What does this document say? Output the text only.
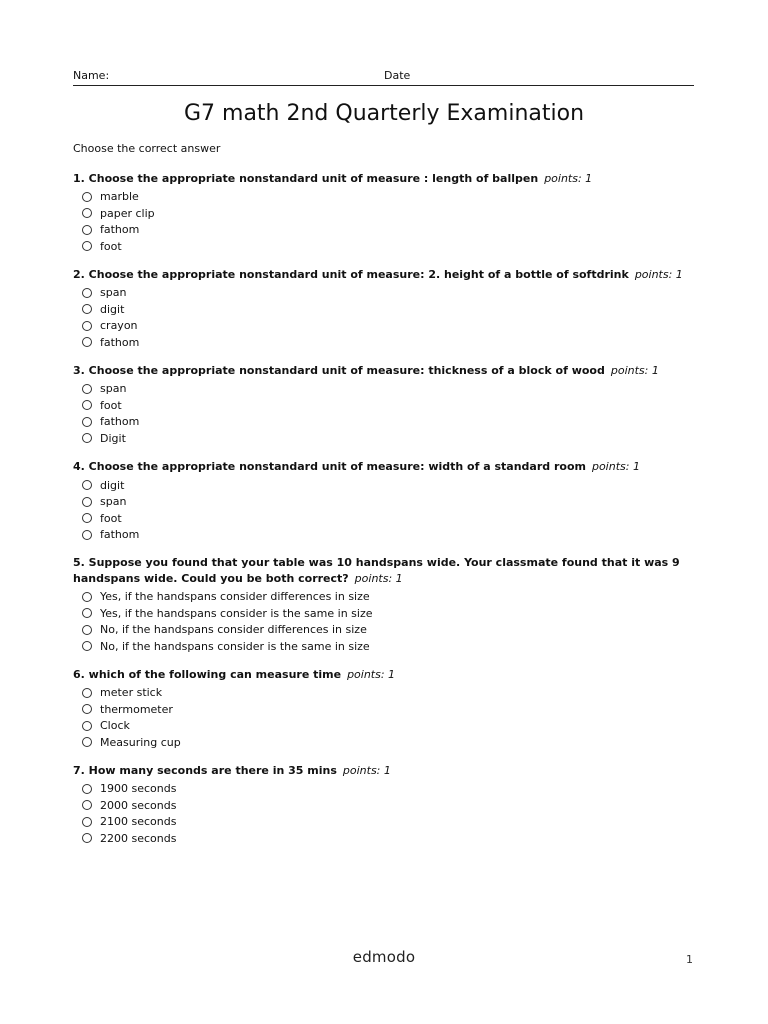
Name:	Date
G7 math 2nd Quarterly Examination
Choose the correct answer
1. Choose the appropriate nonstandard unit of measure : length of ballpen points: 1
marble
paper clip
fathom
foot
2. Choose the appropriate nonstandard unit of measure: 2. height of a bottle of softdrink points: 1
span
digit
crayon
fathom
3. Choose the appropriate nonstandard unit of measure: thickness of a block of wood points: 1
span
foot
fathom
Digit
4. Choose the appropriate nonstandard unit of measure: width of a standard room points: 1
digit
span
foot
fathom
5. Suppose you found that your table was 10 handspans wide. Your classmate found that it was 9 handspans wide. Could you be both correct? points: 1
Yes, if the handspans consider differences in size
Yes, if the handspans consider is the same in size
No, if the handspans consider differences in size
No, if the handspans consider is the same in size
6. which of the following can measure time points: 1
meter stick
thermometer
Clock
Measuring cup
7. How many seconds are there in 35 mins points: 1
1900 seconds
2000 seconds
2100 seconds
2200 seconds
edmodo	1
